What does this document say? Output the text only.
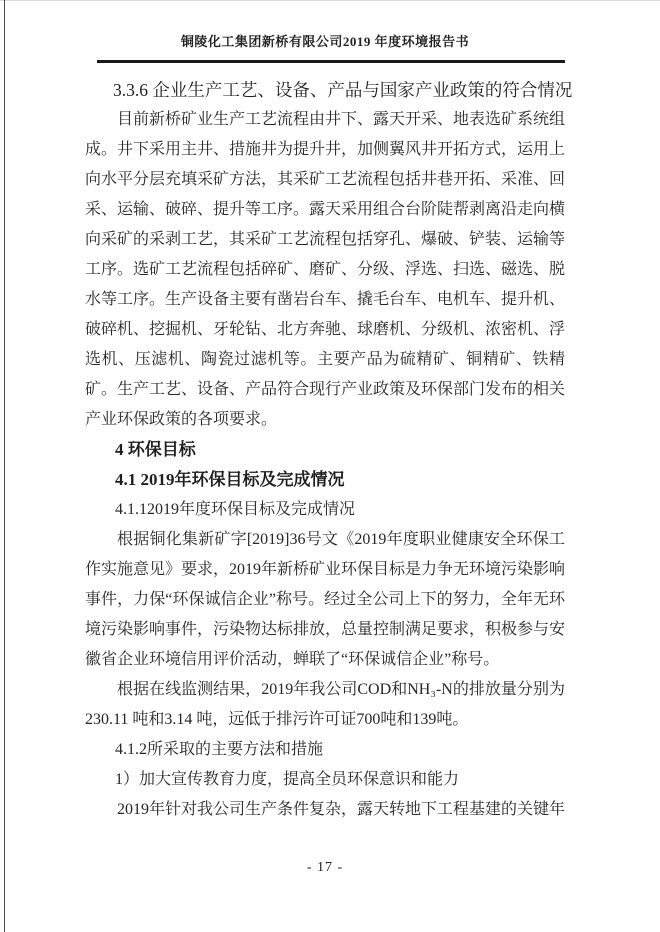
铜陵化工集团新桥有限公司2019 年度环境报告书
3.3.6 企业生产工艺、设备、产品与国家产业政策的符合情况
目前新桥矿业生产工艺流程由井下、露天开采、地表选矿系统组成。井下采用主井、措施井为提升井，加侧翼风井开拓方式，运用上向水平分层充填采矿方法，其采矿工艺流程包括井巷开拓、采准、回采、运输、破碎、提升等工序。露天采用组合台阶陡帮剥离沿走向横向采矿的采剥工艺，其采矿工艺流程包括穿孔、爆破、铲装、运输等工序。选矿工艺流程包括碎矿、磨矿、分级、浮选、扫选、磁选、脱水等工序。生产设备主要有凿岩台车、撬毛台车、电机车、提升机、破碎机、挖掘机、牙轮钻、北方奔驰、球磨机、分级机、浓密机、浮选机、压滤机、陶瓷过滤机等。主要产品为硫精矿、铜精矿、铁精矿。生产工艺、设备、产品符合现行产业政策及环保部门发布的相关产业环保政策的各项要求。
4 环保目标
4.1 2019年环保目标及完成情况
4.1.12019年度环保目标及完成情况
根据铜化集新矿字[2019]36号文《2019年度职业健康安全环保工作实施意见》要求，2019年新桥矿业环保目标是力争无环境污染影响事件，力保“环保诚信企业”称号。经过全公司上下的努力，全年无环境污染影响事件，污染物达标排放，总量控制满足要求，积极参与安徽省企业环境信用评价活动，蝉联了“环保诚信企业”称号。
根据在线监测结果，2019年我公司COD和NH₃-N的排放量分别为230.11 吨和3.14 吨，远低于排污许可证700吨和139吨。
4.1.2所采取的主要方法和措施
1）加大宣传教育力度，提高全员环保意识和能力
2019年针对我公司生产条件复杂，露天转地下工程基建的关键年
- 17 -
